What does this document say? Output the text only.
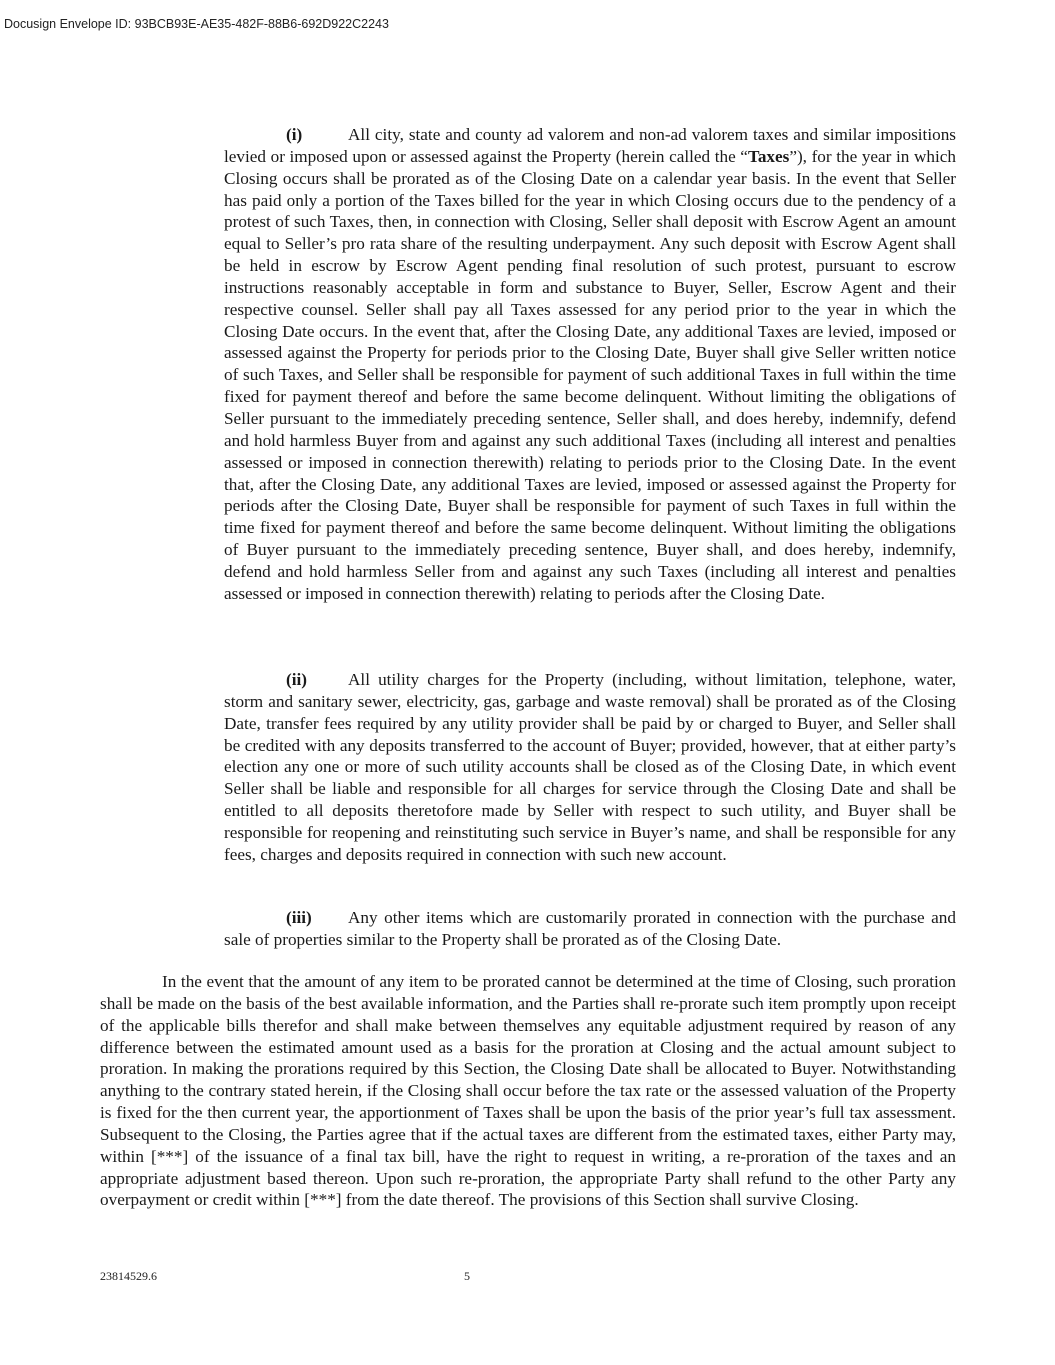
Docusign Envelope ID: 93BCB93E-AE35-482F-88B6-692D922C2243

(i)	All city, state and county ad valorem and non-ad valorem taxes and similar impositions levied or imposed upon or assessed against the Property (herein called the “Taxes”), for the year in which Closing occurs shall be prorated as of the Closing Date on a calendar year basis. In the event that Seller has paid only a portion of the Taxes billed for the year in which Closing occurs due to the pendency of a protest of such Taxes, then, in connection with Closing, Seller shall deposit with Escrow Agent an amount equal to Seller’s pro rata share of the resulting underpayment. Any such deposit with Escrow Agent shall be held in escrow by Escrow Agent pending final resolution of such protest, pursuant to escrow instructions reasonably acceptable in form and substance to Buyer, Seller, Escrow Agent and their respective counsel. Seller shall pay all Taxes assessed for any period prior to the year in which the Closing Date occurs. In the event that, after the Closing Date, any additional Taxes are levied, imposed or assessed against the Property for periods prior to the Closing Date, Buyer shall give Seller written notice of such Taxes, and Seller shall be responsible for payment of such additional Taxes in full within the time fixed for payment thereof and before the same become delinquent. Without limiting the obligations of Seller pursuant to the immediately preceding sentence, Seller shall, and does hereby, indemnify, defend and hold harmless Buyer from and against any such additional Taxes (including all interest and penalties assessed or imposed in connection therewith) relating to periods prior to the Closing Date. In the event that, after the Closing Date, any additional Taxes are levied, imposed or assessed against the Property for periods after the Closing Date, Buyer shall be responsible for payment of such Taxes in full within the time fixed for payment thereof and before the same become delinquent. Without limiting the obligations of Buyer pursuant to the immediately preceding sentence, Buyer shall, and does hereby, indemnify, defend and hold harmless Seller from and against any such Taxes (including all interest and penalties assessed or imposed in connection therewith) relating to periods after the Closing Date.

(ii) All utility charges for the Property (including, without limitation, telephone, water, storm and sanitary sewer, electricity, gas, garbage and waste removal) shall be prorated as of the Closing Date, transfer fees required by any utility provider shall be paid by or charged to Buyer, and Seller shall be credited with any deposits transferred to the account of Buyer; provided, however, that at either party’s election any one or more of such utility accounts shall be closed as of the Closing Date, in which event Seller shall be liable and responsible for all charges for service through the Closing Date and shall be entitled to all deposits theretofore made by Seller with respect to such utility, and Buyer shall be responsible for reopening and reinstituting such service in Buyer’s name, and shall be responsible for any fees, charges and deposits required in connection with such new account.

(iii) Any other items which are customarily prorated in connection with the purchase and sale of properties similar to the Property shall be prorated as of the Closing Date.

In the event that the amount of any item to be prorated cannot be determined at the time of Closing, such proration shall be made on the basis of the best available information, and the Parties shall re-prorate such item promptly upon receipt of the applicable bills therefor and shall make between themselves any equitable adjustment required by reason of any difference between the estimated amount used as a basis for the proration at Closing and the actual amount subject to proration. In making the prorations required by this Section, the Closing Date shall be allocated to Buyer. Notwithstanding anything to the contrary stated herein, if the Closing shall occur before the tax rate or the assessed valuation of the Property is fixed for the then current year, the apportionment of Taxes shall be upon the basis of the prior year’s full tax assessment. Subsequent to the Closing, the Parties agree that if the actual taxes are different from the estimated taxes, either Party may, within [***] of the issuance of a final tax bill, have the right to request in writing, a re-proration of the taxes and an appropriate adjustment based thereon. Upon such re-proration, the appropriate Party shall refund to the other Party any overpayment or credit within [***] from the date thereof. The provisions of this Section shall survive Closing.

23814529.6	5
